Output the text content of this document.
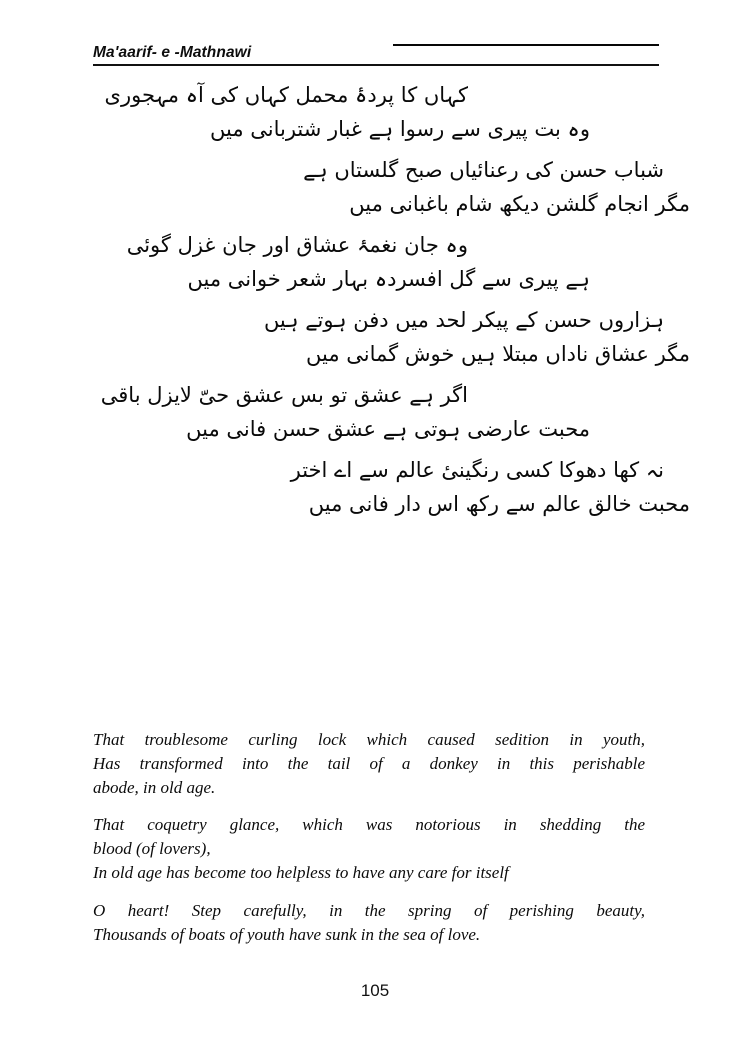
Ma'aarif- e -Mathnawi
کہاں کا پردۂ محمل کہاں کی آہ مہجوری
وہ بت پیری سے رسوا ہے غبار شتربانی میں
شباب حسن کی رعنائیاں صبح گلستاں ہے
مگر انجام گلشن دیکھ شام باغبانی میں
وہ جان نغمۂ عشاق اور جان غزل گوئی
ہے پیری سے گل افسردہ بہار شعر خوانی میں
ہزاروں حسن کے پیکر لحد میں دفن ہوتے ہیں
مگر عشاق ناداں مبتلا ہیں خوش گمانی میں
اگر ہے عشق تو بس عشق حیّ لایزل باقی
محبت عارضی ہوتی ہے عشق حسن فانی میں
نہ کھا دھوکا کسی رنگینیٔ عالم سے اے اختر
محبت خالق عالم سے رکھ اس دار فانی میں

That troublesome curling lock which caused sedition in youth,
Has transformed into the tail of a donkey in this perishable
abode, in old age.

That coquetry glance, which was notorious in shedding the
blood (of lovers),
In old age has become too helpless to have any care for itself

O heart! Step carefully, in the spring of perishing beauty,
Thousands of boats of youth have sunk in the sea of love.

105
